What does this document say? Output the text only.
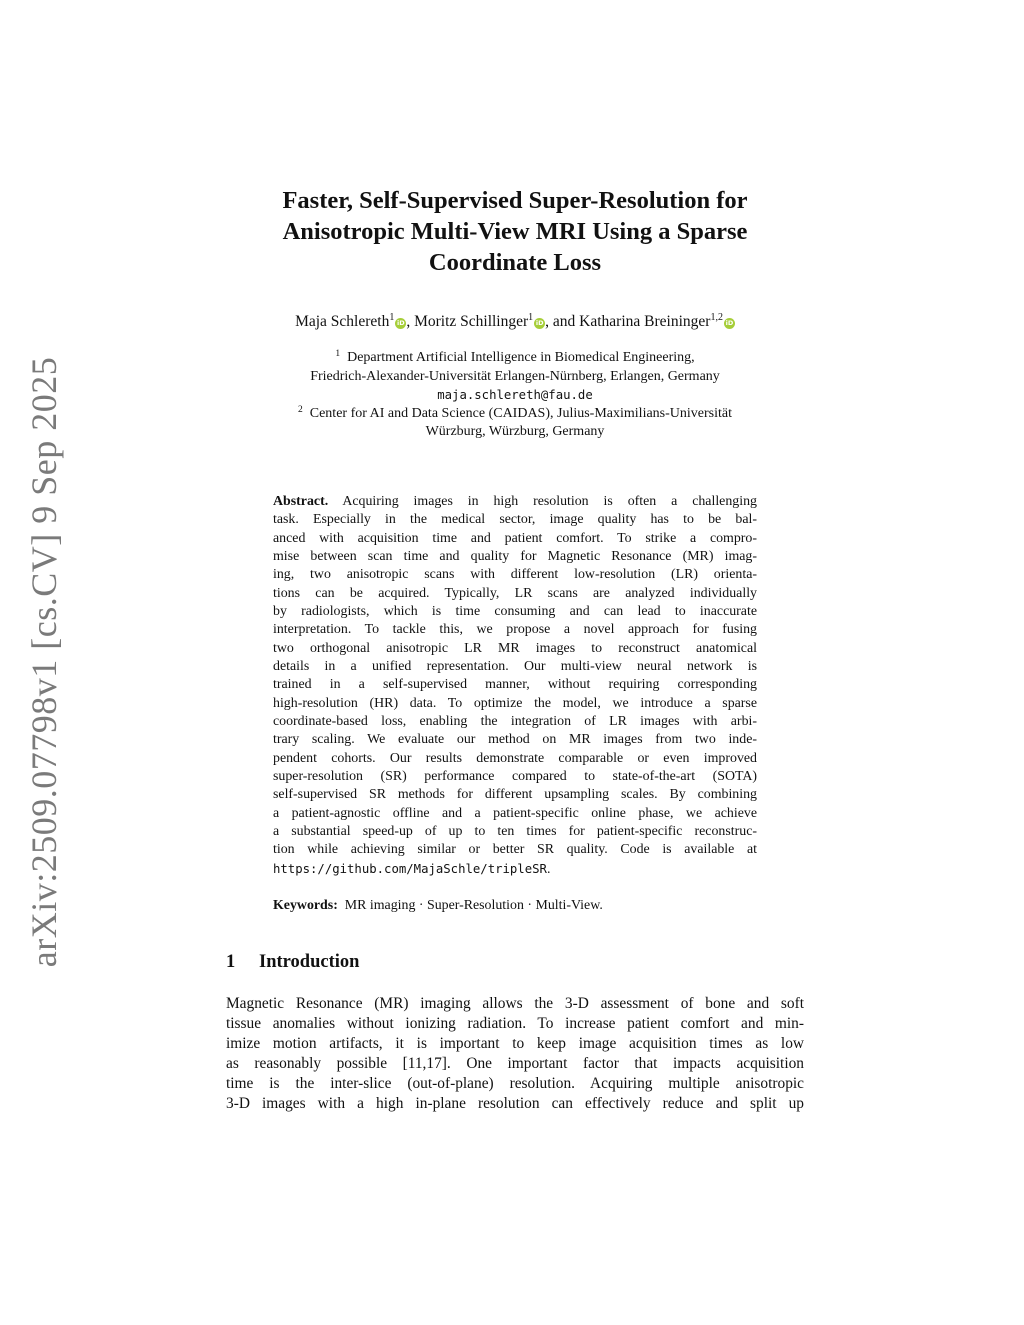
arXiv:2509.07798v1 [cs.CV] 9 Sep 2025
Faster, Self-Supervised Super-Resolution for
Anisotropic Multi-View MRI Using a Sparse
Coordinate Loss
Maja Schlereth$^1$ iD , Moritz Schillinger$^1$ iD , and Katharina Breininger$^{1,2}$ iD
$^1$ Department Artificial Intelligence in Biomedical Engineering,
Friedrich-Alexander-Universität Erlangen-Nürnberg, Erlangen, Germany
maja.schlereth@fau.de
$^2$ Center for AI and Data Science (CAIDAS), Julius-Maximilians-Universität
Würzburg, Würzburg, Germany
Abstract. Acquiring images in high resolution is often a challenging
task. Especially in the medical sector, image quality has to be bal-
anced with acquisition time and patient comfort. To strike a compro-
mise between scan time and quality for Magnetic Resonance (MR) imag-
ing, two anisotropic scans with different low-resolution (LR) orienta-
tions can be acquired. Typically, LR scans are analyzed individually
by radiologists, which is time consuming and can lead to inaccurate
interpretation. To tackle this, we propose a novel approach for fusing
two orthogonal anisotropic LR MR images to reconstruct anatomical
details in a unified representation. Our multi-view neural network is
trained in a self-supervised manner, without requiring corresponding
high-resolution (HR) data. To optimize the model, we introduce a sparse
coordinate-based loss, enabling the integration of LR images with arbi-
trary scaling. We evaluate our method on MR images from two inde-
pendent cohorts. Our results demonstrate comparable or even improved
super-resolution (SR) performance compared to state-of-the-art (SOTA)
self-supervised SR methods for different upsampling scales. By combining
a patient-agnostic offline and a patient-specific online phase, we achieve
a substantial speed-up of up to ten times for patient-specific reconstruc-
tion while achieving similar or better SR quality. Code is available at
https://github.com/MajaSchle/tripleSR.
Keywords: MR imaging · Super-Resolution · Multi-View.
1 Introduction
Magnetic Resonance (MR) imaging allows the 3-D assessment of bone and soft
tissue anomalies without ionizing radiation. To increase patient comfort and min-
imize motion artifacts, it is important to keep image acquisition times as low
as reasonably possible [11,17]. One important factor that impacts acquisition
time is the inter-slice (out-of-plane) resolution. Acquiring multiple anisotropic
3-D images with a high in-plane resolution can effectively reduce and split up
